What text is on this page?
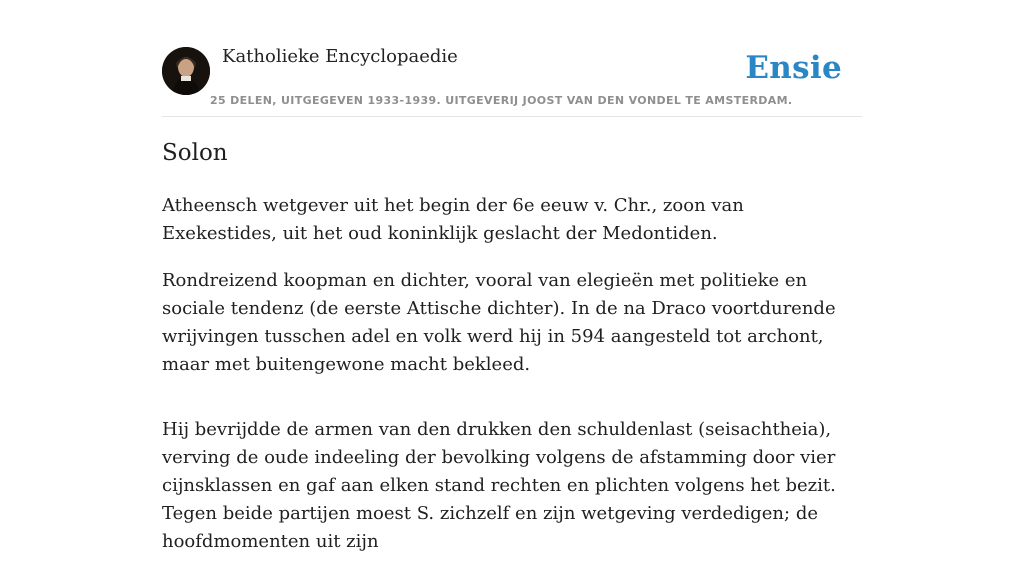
Katholieke Encyclopaedie	Ensie
25 DELEN, UITGEGEVEN 1933-1939. UITGEVERIJ JOOST VAN DEN VONDEL TE AMSTERDAM.
Solon

Atheensch wetgever uit het begin der 6e eeuw v. Chr., zoon van Exekestides, uit het oud koninklijk geslacht der Medontiden.

Rondreizend koopman en dichter, vooral van elegieën met politieke en sociale tendenz (de eerste Attische dichter). In de na Draco voortdurende wrijvingen tusschen adel en volk werd hij in 594 aangesteld tot archont, maar met buitengewone macht bekleed.

Hij bevrijdde de armen van den drukken den schuldenlast (seisachtheia), verving de oude indeeling der bevolking volgens de afstamming door vier cijnsklassen en gaf aan elken stand rechten en plichten volgens het bezit. Tegen beide partijen moest S. zichzelf en zijn wetgeving verdedigen; de hoofdmomenten uit zijn
